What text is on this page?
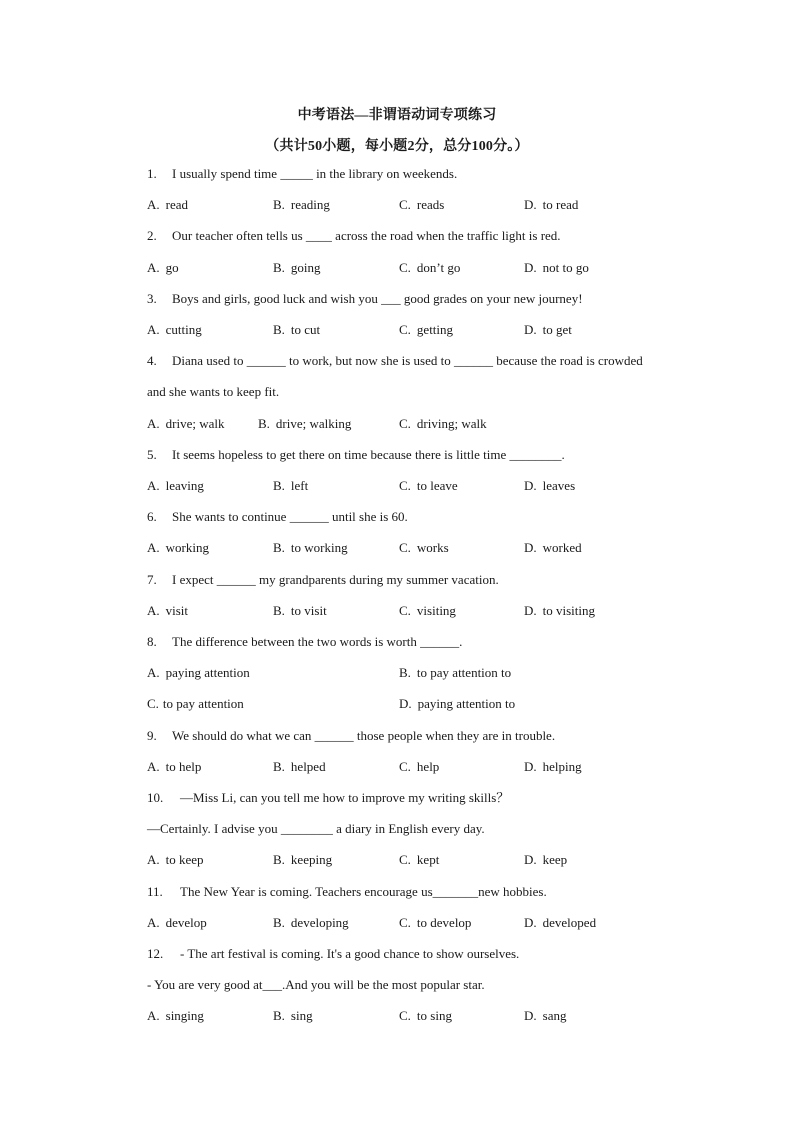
中考语法—非谓语动词专项练习
（共计50小题，每小题2分，总分100分。）
1. I usually spend time _____ in the library on weekends.
A. read	B. reading	C. reads	D. to read
2. Our teacher often tells us ____ across the road when the traffic light is red.
A. go	B. going	C. don’t go	D. not to go
3. Boys and girls, good luck and wish you ___ good grades on your new journey!
A. cutting	B. to cut	C. getting	D. to get
4. Diana used to ______ to work, but now she is used to ______ because the road is crowded
and she wants to keep fit.
A. drive; walk	B. drive; walking	C. driving; walk
5. It seems hopeless to get there on time because there is little time ________.
A. leaving	B. left	C. to leave	D. leaves
6. She wants to continue ______ until she is 60.
A. working	B. to working	C. works	D. worked
7. I expect ______ my grandparents during my summer vacation.
A. visit	B. to visit	C. visiting	D. to visiting
8. The difference between the two words is worth ______.
A. paying attention	B. to pay attention to
C. to pay attention	D. paying attention to
9. We should do what we can ______ those people when they are in trouble.
A. to help	B. helped	C. help	D. helping
10. —Miss Li, can you tell me how to improve my writing skills？
—Certainly. I advise you ________ a diary in English every day.
A. to keep	B. keeping	C. kept	D. keep
11. The New Year is coming. Teachers encourage us_______new hobbies.
A. develop	B. developing	C. to develop	D. developed
12. - The art festival is coming. It's a good chance to show ourselves.
- You are very good at___.And you will be the most popular star.
A. singing	B. sing	C. to sing	D. sang
